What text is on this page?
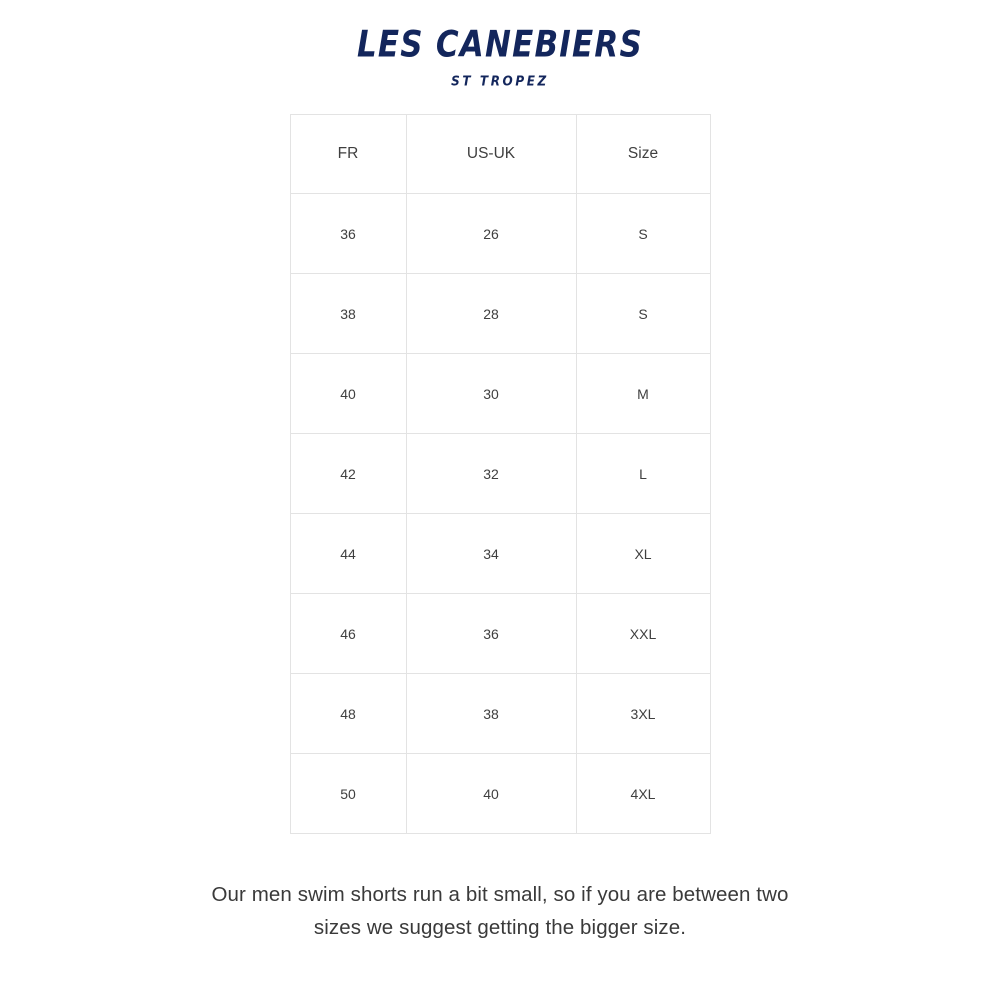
LES CANEBIERS
ST TROPEZ
FR	US-UK	Size
36	26	S
38	28	S
40	30	M
42	32	L
44	34	XL
46	36	XXL
48	38	3XL
50	40	4XL
Our men swim shorts run a bit small, so if you are between two sizes we suggest getting the bigger size.
